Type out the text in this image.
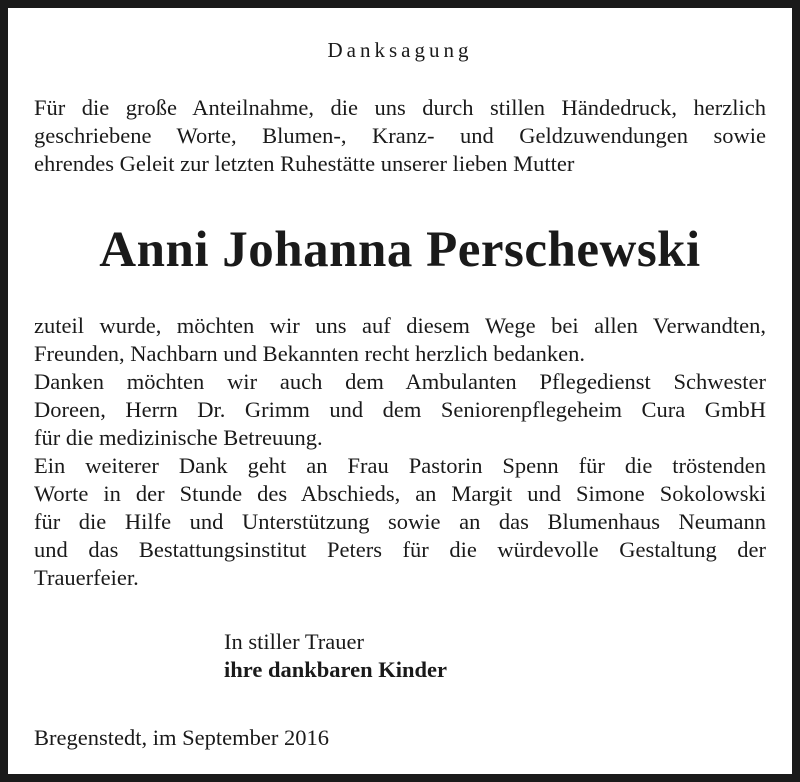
Danksagung
Für die große Anteilnahme, die uns durch stillen Händedruck, herzlich
geschriebene Worte, Blumen-, Kranz- und Geldzuwendungen sowie
ehrendes Geleit zur letzten Ruhestätte unserer lieben Mutter
Anni Johanna Perschewski
zuteil wurde, möchten wir uns auf diesem Wege bei allen Verwandten,
Freunden, Nachbarn und Bekannten recht herzlich bedanken.
Danken möchten wir auch dem Ambulanten Pflegedienst Schwester
Doreen, Herrn Dr. Grimm und dem Seniorenpflegeheim Cura GmbH
für die medizinische Betreuung.
Ein weiterer Dank geht an Frau Pastorin Spenn für die tröstenden
Worte in der Stunde des Abschieds, an Margit und Simone Sokolowski
für die Hilfe und Unterstützung sowie an das Blumenhaus Neumann
und das Bestattungsinstitut Peters für die würdevolle Gestaltung der
Trauerfeier.
In stiller Trauer
ihre dankbaren Kinder
Bregenstedt, im September 2016
